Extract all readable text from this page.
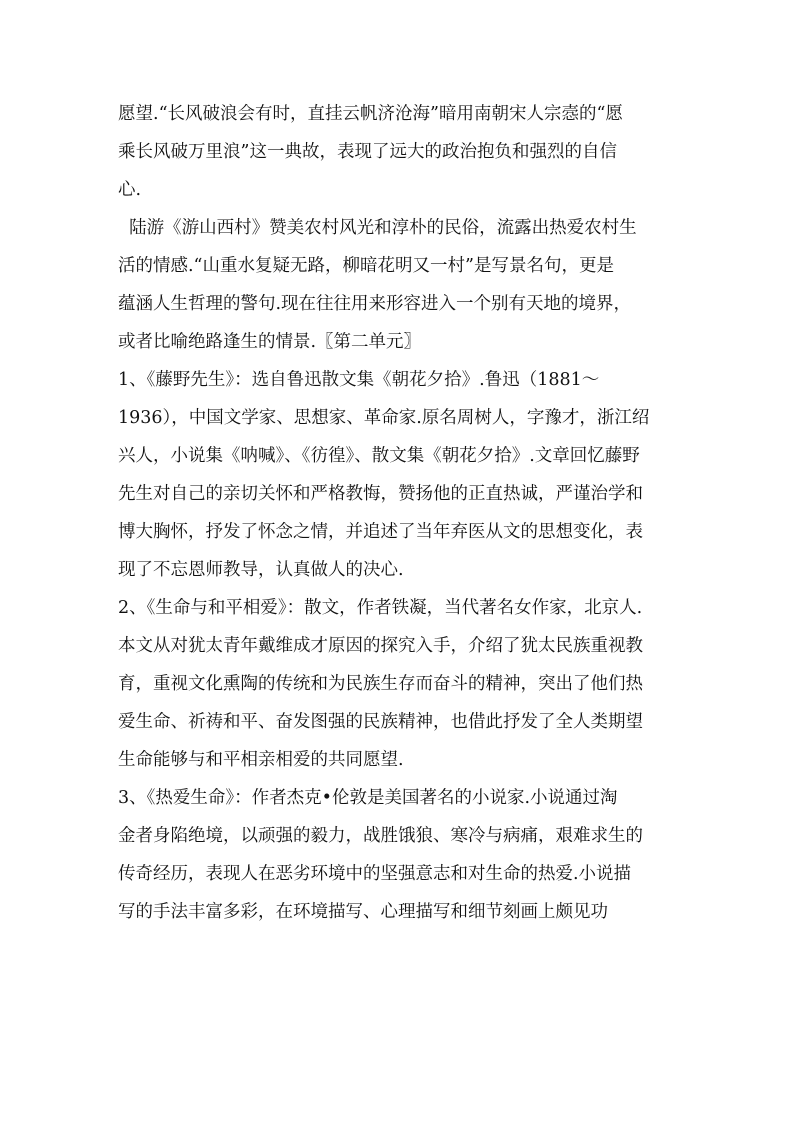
愿望.“长风破浪会有时，直挂云帆济沧海”暗用南朝宋人宗悫的“愿
乘长风破万里浪”这一典故，表现了远大的政治抱负和强烈的自信
心.
陆游《游山西村》赞美农村风光和淳朴的民俗，流露出热爱农村生
活的情感.“山重水复疑无路，柳暗花明又一村”是写景名句，更是
蕴涵人生哲理的警句.现在往往用来形容进入一个别有天地的境界，
或者比喻绝路逢生的情景.〖第二单元〗
1、《藤野先生》：选自鲁迅散文集《朝花夕拾》.鲁迅（1881～
1936），中国文学家、思想家、革命家.原名周树人，字豫才，浙江绍
兴人，小说集《呐喊》、《彷徨》、散文集《朝花夕拾》.文章回忆藤野
先生对自己的亲切关怀和严格教悔，赞扬他的正直热诚，严谨治学和
博大胸怀，抒发了怀念之情，并追述了当年弃医从文的思想变化，表
现了不忘恩师教导，认真做人的决心.
2、《生命与和平相爱》：散文，作者铁凝，当代著名女作家，北京人.
本文从对犹太青年戴维成才原因的探究入手，介绍了犹太民族重视教
育，重视文化熏陶的传统和为民族生存而奋斗的精神，突出了他们热
爱生命、祈祷和平、奋发图强的民族精神，也借此抒发了全人类期望
生命能够与和平相亲相爱的共同愿望.
3、《热爱生命》：作者杰克•伦敦是美国著名的小说家.小说通过淘
金者身陷绝境，以顽强的毅力，战胜饿狼、寒冷与病痛，艰难求生的
传奇经历，表现人在恶劣环境中的坚强意志和对生命的热爱.小说描
写的手法丰富多彩，在环境描写、心理描写和细节刻画上颇见功
